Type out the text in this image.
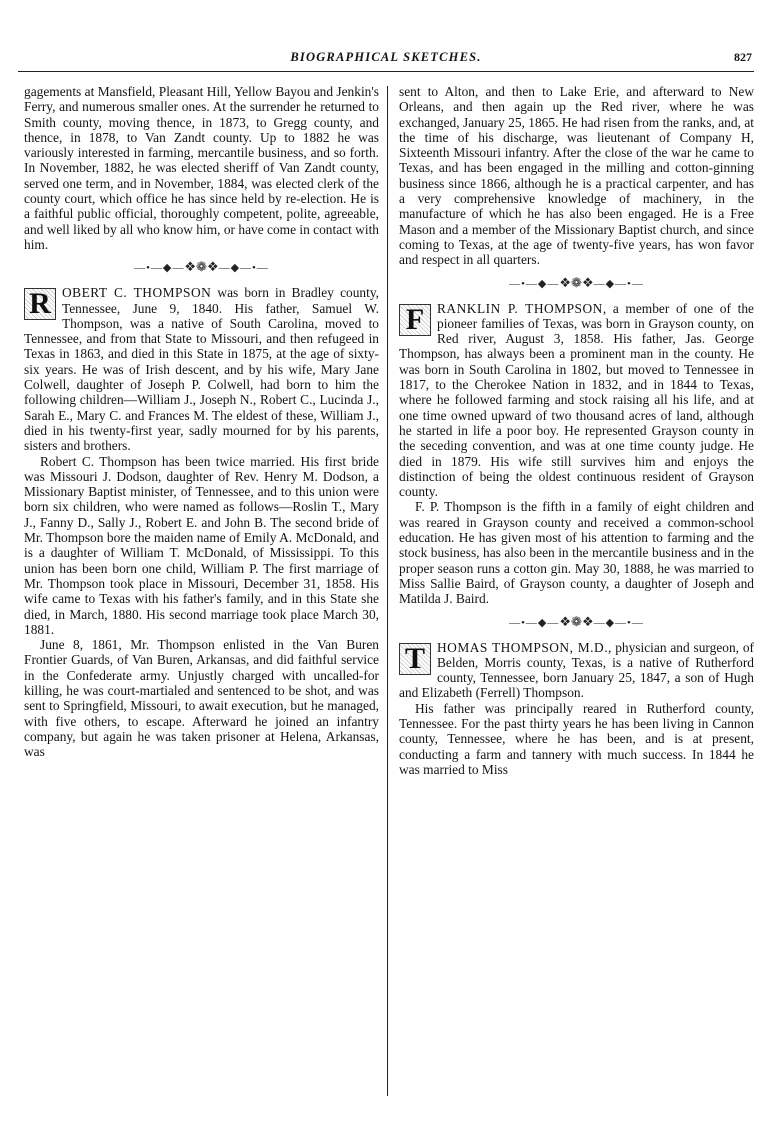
BIOGRAPHICAL SKETCHES.	827

gagements at Mansfield, Pleasant Hill, Yellow Bayou and Jenkin's Ferry, and numerous smaller ones. At the surrender he returned to Smith county, moving thence, in 1873, to Gregg county, and thence, in 1878, to Van Zandt county. Up to 1882 he was variously interested in farming, mercantile business, and so forth. In November, 1882, he was elected sheriff of Van Zandt county, served one term, and in November, 1884, was elected clerk of the county court, which office he has since held by re-election. He is a faithful public official, thoroughly competent, polite, agreeable, and well liked by all who know him, or have come in contact with him.

—•—◆—❖❁❖—◆—•—

R OBERT C. THOMPSON was born in Bradley county, Tennessee, June 9, 1840. His father, Samuel W. Thompson, was a native of South Carolina, moved to Tennessee, and from that State to Missouri, and then refugeed in Texas in 1863, and died in this State in 1875, at the age of sixty-six years. He was of Irish descent, and by his wife, Mary Jane Colwell, daughter of Joseph P. Colwell, had born to him the following children—William J., Joseph N., Robert C., Lucinda J., Sarah E., Mary C. and Frances M. The eldest of these, William J., died in his twenty-first year, sadly mourned for by his parents, sisters and brothers.

Robert C. Thompson has been twice married. His first bride was Missouri J. Dodson, daughter of Rev. Henry M. Dodson, a Missionary Baptist minister, of Tennessee, and to this union were born six children, who were named as follows—Roslin T., Mary J., Fanny D., Sally J., Robert E. and John B. The second bride of Mr. Thompson bore the maiden name of Emily A. McDonald, and is a daughter of William T. McDonald, of Mississippi. To this union has been born one child, William P. The first marriage of Mr. Thompson took place in Missouri, December 31, 1858. His wife came to Texas with his father's family, and in this State she died, in March, 1880. His second marriage took place March 30, 1881.

June 8, 1861, Mr. Thompson enlisted in the Van Buren Frontier Guards, of Van Buren, Arkansas, and did faithful service in the Confederate army. Unjustly charged with uncalled-for killing, he was court-martialed and sentenced to be shot, and was sent to Springfield, Missouri, to await execution, but he managed, with five others, to escape. Afterward he joined an infantry company, but again he was taken prisoner at Helena, Arkansas, was

sent to Alton, and then to Lake Erie, and afterward to New Orleans, and then again up the Red river, where he was exchanged, January 25, 1865. He had risen from the ranks, and, at the time of his discharge, was lieutenant of Company H, Sixteenth Missouri infantry. After the close of the war he came to Texas, and has been engaged in the milling and cotton-ginning business since 1866, although he is a practical carpenter, and has a very comprehensive knowledge of machinery, in the manufacture of which he has also been engaged. He is a Free Mason and a member of the Missionary Baptist church, and since coming to Texas, at the age of twenty-five years, has won favor and respect in all quarters.

—•—◆—❖❁❖—◆—•—

F RANKLIN P. THOMPSON, a member of one of the pioneer families of Texas, was born in Grayson county, on Red river, August 3, 1858. His father, Jas. George Thompson, has always been a prominent man in the county. He was born in South Carolina in 1802, but moved to Tennessee in 1817, to the Cherokee Nation in 1832, and in 1844 to Texas, where he followed farming and stock raising all his life, and at one time owned upward of two thousand acres of land, although he started in life a poor boy. He represented Grayson county in the seceding convention, and was at one time county judge. He died in 1879. His wife still survives him and enjoys the distinction of being the oldest continuous resident of Grayson county.

F. P. Thompson is the fifth in a family of eight children and was reared in Grayson county and received a common-school education. He has given most of his attention to farming and the stock business, has also been in the mercantile business and in the proper season runs a cotton gin. May 30, 1888, he was married to Miss Sallie Baird, of Grayson county, a daughter of Joseph and Matilda J. Baird.

—•—◆—❖❁❖—◆—•—

T HOMAS THOMPSON, M.D., physician and surgeon, of Belden, Morris county, Texas, is a native of Rutherford county, Tennessee, born January 25, 1847, a son of Hugh and Elizabeth (Ferrell) Thompson.

His father was principally reared in Rutherford county, Tennessee. For the past thirty years he has been living in Cannon county, Tennessee, where he has been, and is at present, conducting a farm and tannery with much success. In 1844 he was married to Miss
